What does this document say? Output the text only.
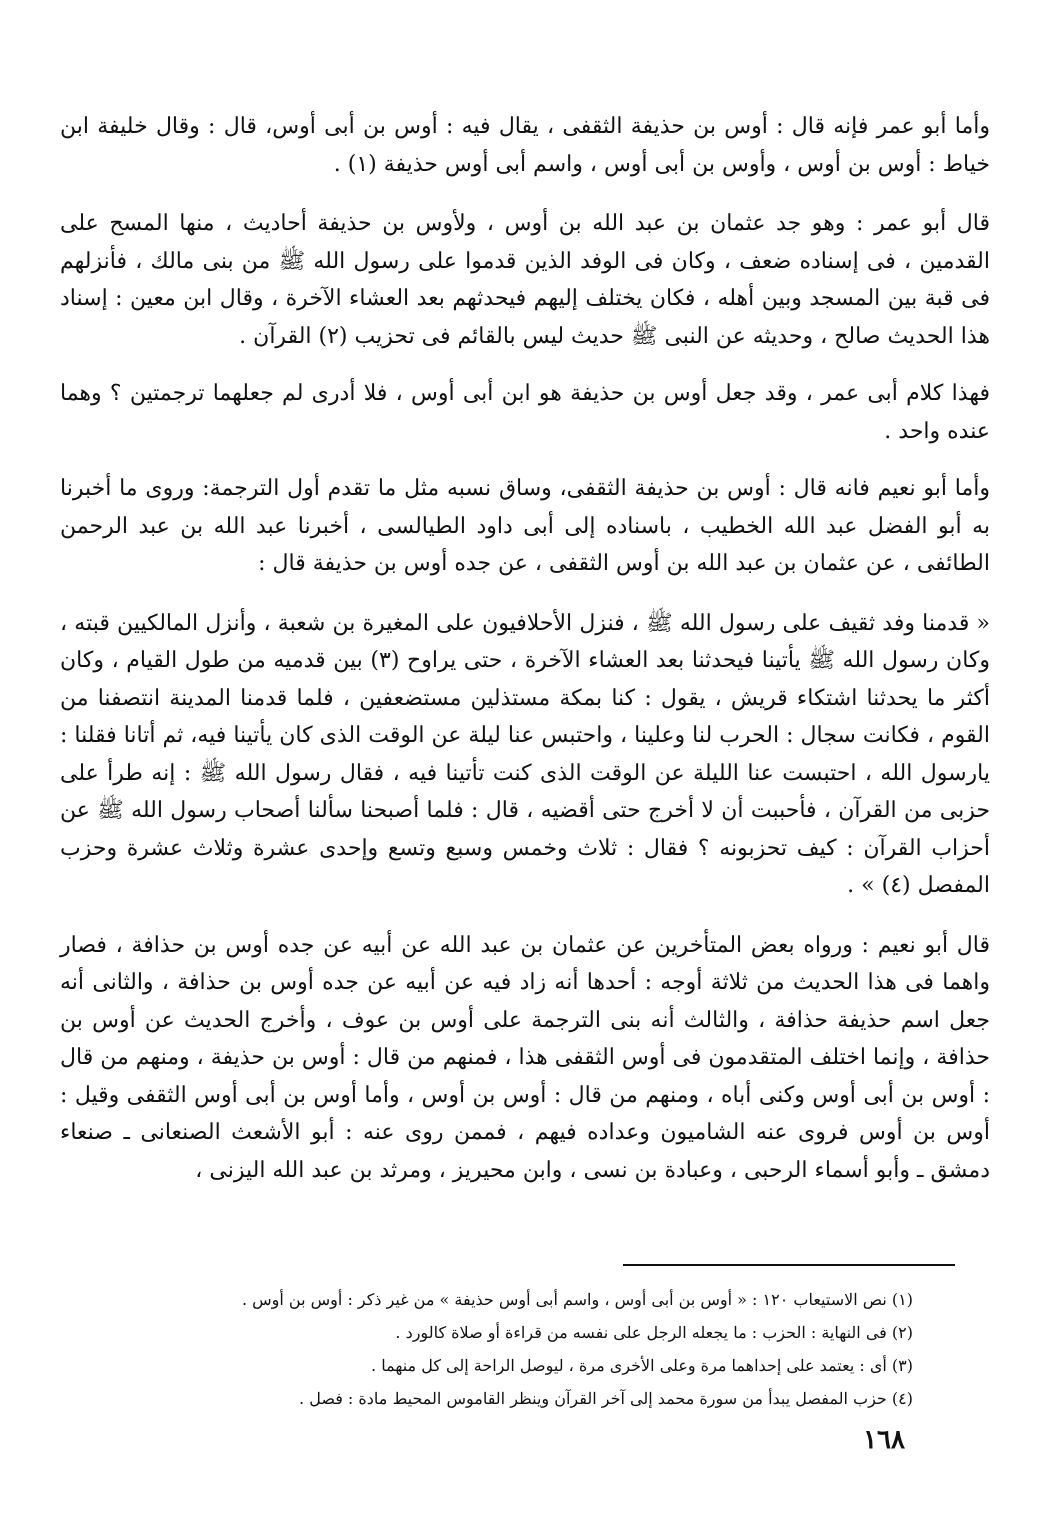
وأما أبو عمر فإنه قال : أوس بن حذيفة الثقفى ، يقال فيه : أوس بن أبى أوس، قال : وقال خليفة ابن خياط : أوس بن أوس ، وأوس بن أبى أوس ، واسم أبى أوس حذيفة (١) .

قال أبو عمر : وهو جد عثمان بن عبد الله بن أوس ، ولأوس بن حذيفة أحاديث ، منها المسح على القدمين ، فى إسناده ضعف ، وكان فى الوفد الذين قدموا على رسول الله ﷺ من بنى مالك ، فأنزلهم فى قبة بين المسجد وبين أهله ، فكان يختلف إليهم فيحدثهم بعد العشاء الآخرة ، وقال ابن معين : إسناد هذا الحديث صالح ، وحديثه عن النبى ﷺ حديث ليس بالقائم فى تحزيب (٢) القرآن .

فهذا كلام أبى عمر ، وقد جعل أوس بن حذيفة هو ابن أبى أوس ، فلا أدرى لم جعلهما ترجمتين ؟ وهما عنده واحد .

وأما أبو نعيم فانه قال : أوس بن حذيفة الثقفى، وساق نسبه مثل ما تقدم أول الترجمة: وروى ما أخبرنا به أبو الفضل عبد الله الخطيب ، باسناده إلى أبى داود الطيالسى ، أخبرنا عبد الله بن عبد الرحمن الطائفى ، عن عثمان بن عبد الله بن أوس الثقفى ، عن جده أوس بن حذيفة قال :

« قدمنا وفد ثقيف على رسول الله ﷺ ، فنزل الأحلافيون على المغيرة بن شعبة ، وأنزل المالكيين قبته ، وكان رسول الله ﷺ يأتينا فيحدثنا بعد العشاء الآخرة ، حتى يراوح (٣) بين قدميه من طول القيام ، وكان أكثر ما يحدثنا اشتكاء قريش ، يقول : كنا بمكة مستذلين مستضعفين ، فلما قدمنا المدينة انتصفنا من القوم ، فكانت سجال : الحرب لنا وعلينا ، واحتبس عنا ليلة عن الوقت الذى كان يأتينا فيه، ثم أتانا فقلنا : يارسول الله ، احتبست عنا الليلة عن الوقت الذى كنت تأتينا فيه ، فقال رسول الله ﷺ : إنه طرأ على حزبى من القرآن ، فأحببت أن لا أخرج حتى أقضيه ، قال : فلما أصبحنا سألنا أصحاب رسول الله ﷺ عن أحزاب القرآن : كيف تحزبونه ؟ فقال : ثلاث وخمس وسبع وتسع وإحدى عشرة وثلاث عشرة وحزب المفصل (٤) » .

قال أبو نعيم : ورواه بعض المتأخرين عن عثمان بن عبد الله عن أبيه عن جده أوس بن حذافة ، فصار واهما فى هذا الحديث من ثلاثة أوجه : أحدها أنه زاد فيه عن أبيه عن جده أوس بن حذافة ، والثانى أنه جعل اسم حذيفة حذافة ، والثالث أنه بنى الترجمة على أوس بن عوف ، وأخرج الحديث عن أوس بن حذافة ، وإنما اختلف المتقدمون فى أوس الثقفى هذا ، فمنهم من قال : أوس بن حذيفة ، ومنهم من قال : أوس بن أبى أوس وكنى أباه ، ومنهم من قال : أوس بن أوس ، وأما أوس بن أبى أوس الثقفى وقيل : أوس بن أوس فروى عنه الشاميون وعداده فيهم ، فممن روى عنه : أبو الأشعث الصنعانى ـ صنعاء دمشق ـ وأبو أسماء الرحبى ، وعبادة بن نسى ، وابن محيريز ، ومرثد بن عبد الله اليزنى ،

(١) نص الاستيعاب ١٢٠ : « أوس بن أبى أوس ، واسم أبى أوس حذيفة » من غير ذكر : أوس بن أوس .

(٢) فى النهاية : الحزب : ما يجعله الرجل على نفسه من قراءة أو صلاة كالورد .

(٣) أى : يعتمد على إحداهما مرة وعلى الأخرى مرة ، ليوصل الراحة إلى كل منهما .

(٤) حزب المفصل يبدأ من سورة محمد إلى آخر القرآن وينظر القاموس المحيط مادة : فصل .

١٦٨
